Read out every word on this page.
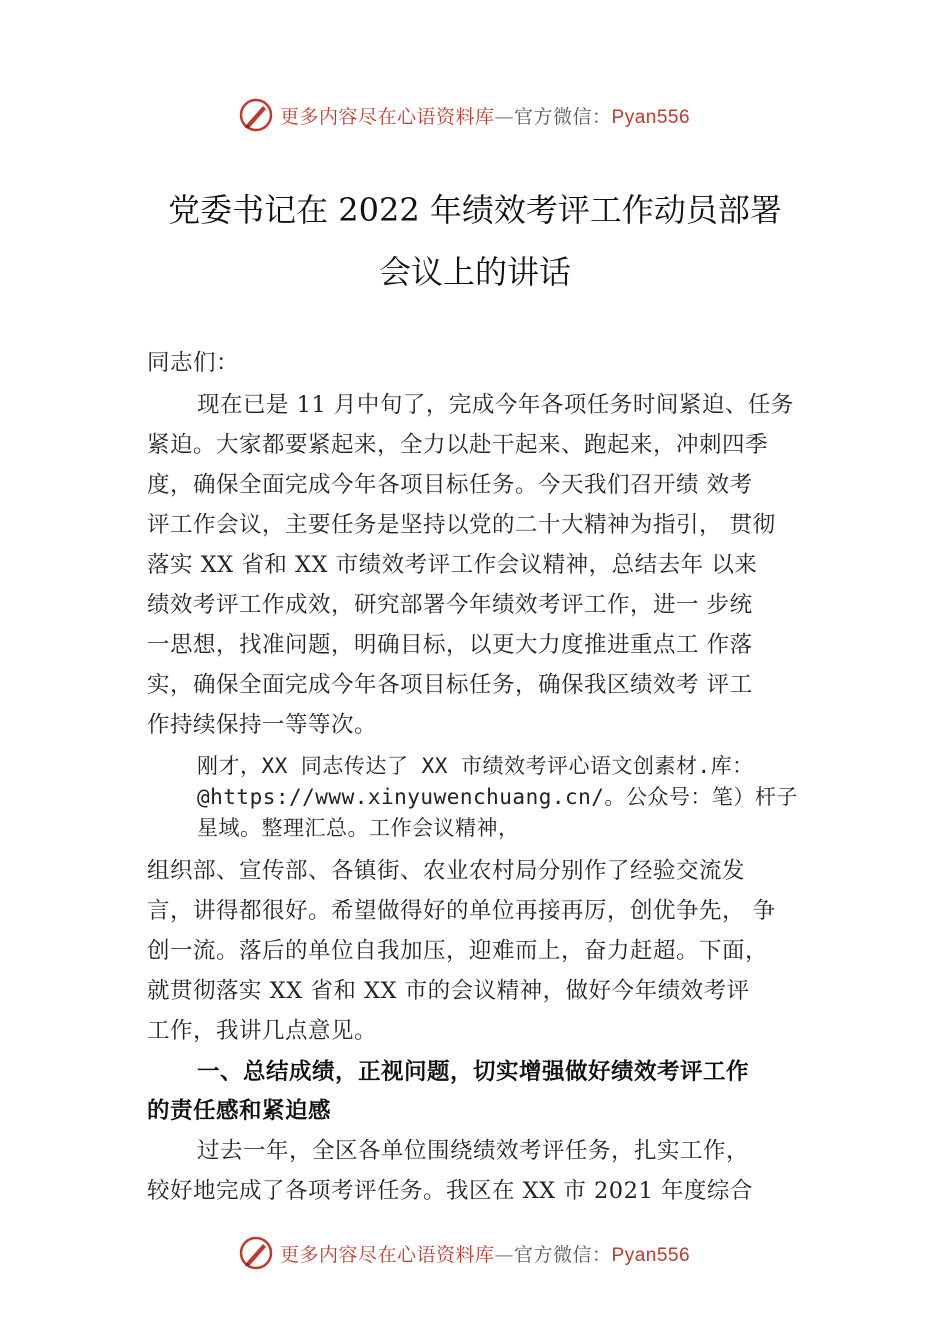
更多内容尽在心语资料库—官方微信：Pyan556
党委书记在 2022 年绩效考评工作动员部署
会议上的讲话
同志们：
现在已是 11 月中旬了，完成今年各项任务时间紧迫、任务
紧迫。大家都要紧起来，全力以赴干起来、跑起来，冲刺四季
度，确保全面完成今年各项目标任务。今天我们召开绩 效考
评工作会议，主要任务是坚持以党的二十大精神为指引， 贯彻
落实 XX 省和 XX 市绩效考评工作会议精神，总结去年 以来
绩效考评工作成效，研究部署今年绩效考评工作，进一 步统
一思想，找准问题，明确目标，以更大力度推进重点工 作落
实，确保全面完成今年各项目标任务，确保我区绩效考 评工
作持续保持一等等次。
刚才，XX 同志传达了 XX 市绩效考评心语文创素材.库：
@https://www.xinyuwenchuang.cn/。公众号：笔）杆子
星域。整理汇总。工作会议精神，
组织部、宣传部、各镇街、农业农村局分别作了经验交流发
言，讲得都很好。希望做得好的单位再接再厉，创优争先， 争
创一流。落后的单位自我加压，迎难而上，奋力赶超。下面，
就贯彻落实 XX 省和 XX 市的会议精神，做好今年绩效考评
工作，我讲几点意见。
一、总结成绩，正视问题，切实增强做好绩效考评工作
的责任感和紧迫感
过去一年，全区各单位围绕绩效考评任务，扎实工作，
较好地完成了各项考评任务。我区在 XX 市 2021 年度综合
更多内容尽在心语资料库—官方微信：Pyan556
